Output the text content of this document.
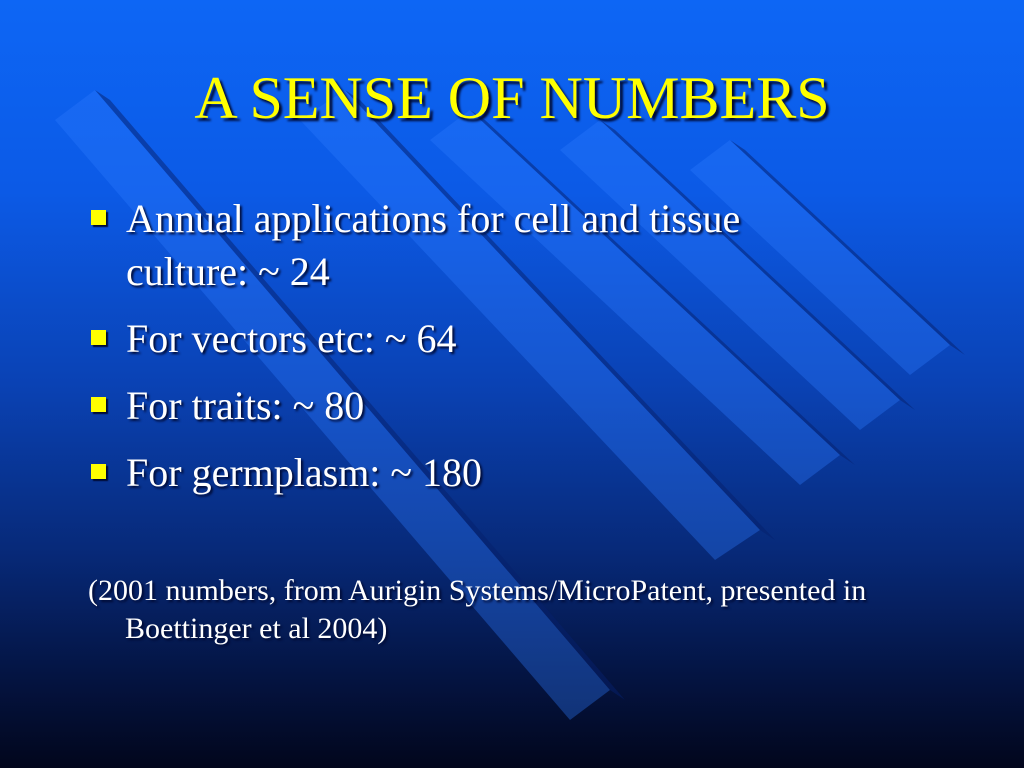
A SENSE OF NUMBERS
Annual applications for cell and tissue culture: ~ 24
For vectors etc: ~ 64
For traits: ~ 80
For germplasm: ~ 180
(2001 numbers, from Aurigin Systems/MicroPatent, presented in Boettinger et al 2004)
